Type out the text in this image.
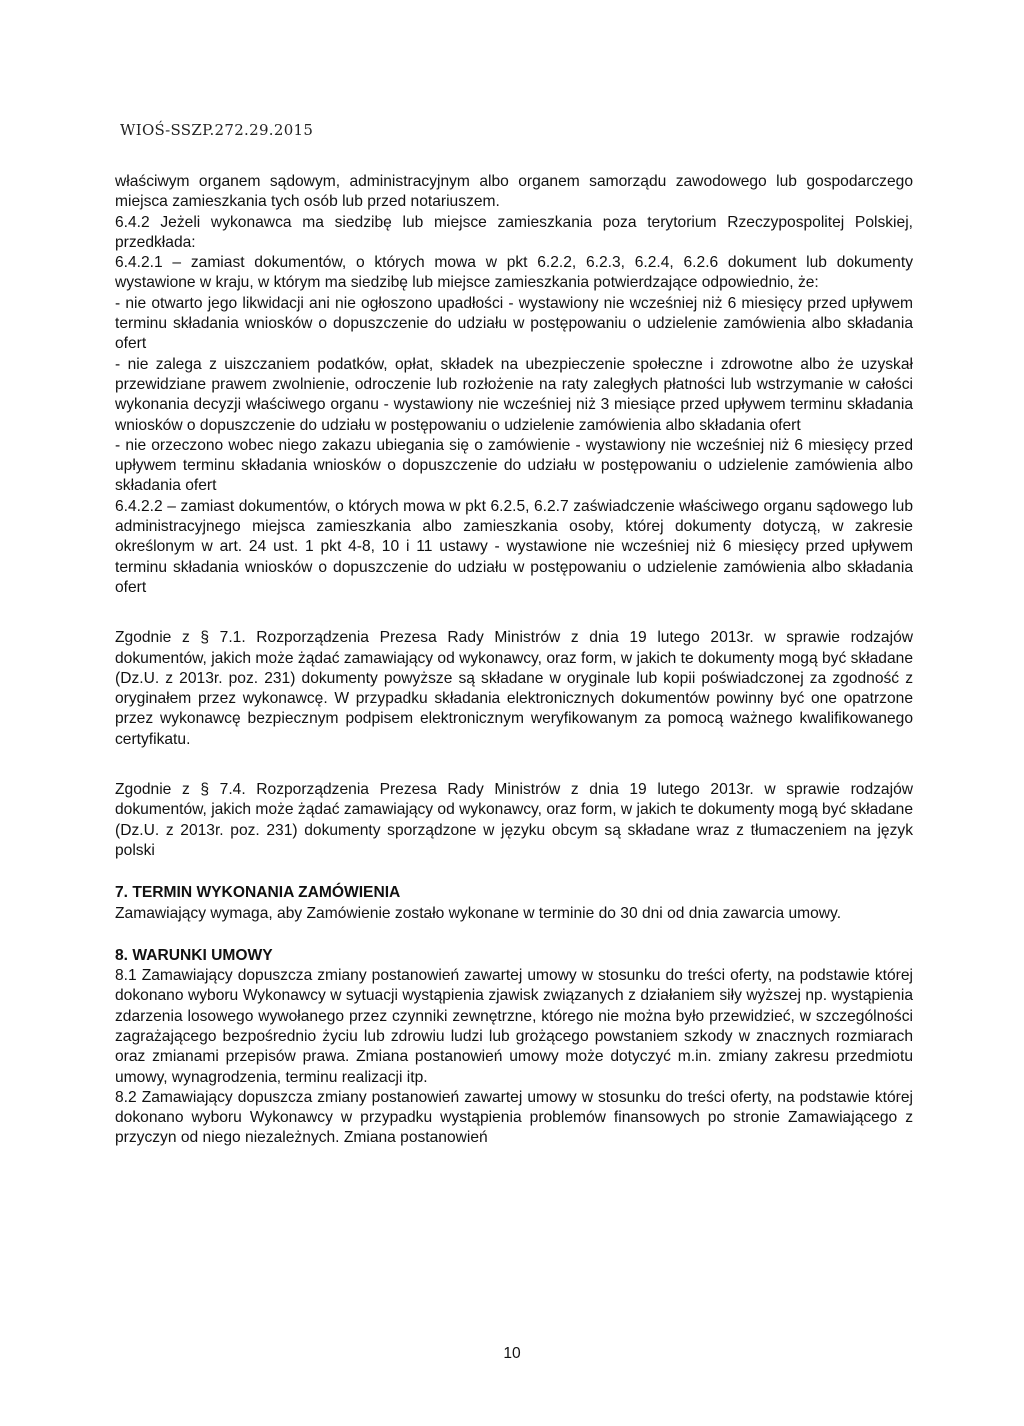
WIOŚ-SSZP.272.29.2015

właściwym organem sądowym, administracyjnym albo organem samorządu zawodowego lub gospodarczego miejsca zamieszkania tych osób lub przed notariuszem.

6.4.2 Jeżeli wykonawca ma siedzibę lub miejsce zamieszkania poza terytorium Rzeczypospolitej Polskiej, przedkłada:

6.4.2.1 – zamiast dokumentów, o których mowa w pkt 6.2.2, 6.2.3, 6.2.4, 6.2.6 dokument lub dokumenty wystawione w kraju, w którym ma siedzibę lub miejsce zamieszkania potwierdzające odpowiednio, że:

- nie otwarto jego likwidacji ani nie ogłoszono upadłości - wystawiony nie wcześniej niż 6 miesięcy przed upływem terminu składania wniosków o dopuszczenie do udziału w postępowaniu o udzielenie zamówienia albo składania ofert

- nie zalega z uiszczaniem podatków, opłat, składek na ubezpieczenie społeczne i zdrowotne albo że uzyskał przewidziane prawem zwolnienie, odroczenie lub rozłożenie na raty zaległych płatności lub wstrzymanie w całości wykonania decyzji właściwego organu - wystawiony nie wcześniej niż 3 miesiące przed upływem terminu składania wniosków o dopuszczenie do udziału w postępowaniu o udzielenie zamówienia albo składania ofert

- nie orzeczono wobec niego zakazu ubiegania się o zamówienie - wystawiony nie wcześniej niż 6 miesięcy przed upływem terminu składania wniosków o dopuszczenie do udziału w postępowaniu o udzielenie zamówienia albo składania ofert

6.4.2.2 – zamiast dokumentów, o których mowa w pkt 6.2.5, 6.2.7 zaświadczenie właściwego organu sądowego lub administracyjnego miejsca zamieszkania albo zamieszkania osoby, której dokumenty dotyczą, w zakresie określonym w art. 24 ust. 1 pkt 4-8, 10 i 11 ustawy - wystawione nie wcześniej niż 6 miesięcy przed upływem terminu składania wniosków o dopuszczenie do udziału w postępowaniu o udzielenie zamówienia albo składania ofert

Zgodnie z § 7.1. Rozporządzenia Prezesa Rady Ministrów z dnia 19 lutego 2013r. w sprawie rodzajów dokumentów, jakich może żądać zamawiający od wykonawcy, oraz form, w jakich te dokumenty mogą być składane (Dz.U. z 2013r. poz. 231) dokumenty powyższe są składane w oryginale lub kopii poświadczonej za zgodność z oryginałem przez wykonawcę. W przypadku składania elektronicznych dokumentów powinny być one opatrzone przez wykonawcę bezpiecznym podpisem elektronicznym weryfikowanym za pomocą ważnego kwalifikowanego certyfikatu.

Zgodnie z § 7.4. Rozporządzenia Prezesa Rady Ministrów z dnia 19 lutego 2013r. w sprawie rodzajów dokumentów, jakich może żądać zamawiający od wykonawcy, oraz form, w jakich te dokumenty mogą być składane (Dz.U. z 2013r. poz. 231) dokumenty sporządzone w języku obcym są składane wraz z tłumaczeniem na język polski

7. TERMIN WYKONANIA ZAMÓWIENIA

Zamawiający wymaga, aby Zamówienie zostało wykonane w terminie do 30 dni od dnia zawarcia umowy.

8. WARUNKI UMOWY

8.1 Zamawiający dopuszcza zmiany postanowień zawartej umowy w stosunku do treści oferty, na podstawie której dokonano wyboru Wykonawcy w sytuacji wystąpienia zjawisk związanych z działaniem siły wyższej np. wystąpienia zdarzenia losowego wywołanego przez czynniki zewnętrzne, którego nie można było przewidzieć, w szczególności zagrażającego bezpośrednio życiu lub zdrowiu ludzi lub grożącego powstaniem szkody w znacznych rozmiarach oraz zmianami przepisów prawa. Zmiana postanowień umowy może dotyczyć m.in. zmiany zakresu przedmiotu umowy, wynagrodzenia, terminu realizacji itp.

8.2 Zamawiający dopuszcza zmiany postanowień zawartej umowy w stosunku do treści oferty, na podstawie której dokonano wyboru Wykonawcy w przypadku wystąpienia problemów finansowych po stronie Zamawiającego z przyczyn od niego niezależnych. Zmiana postanowień

10
